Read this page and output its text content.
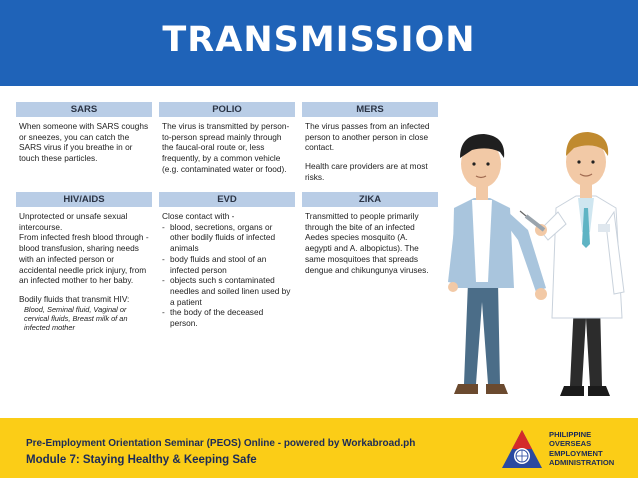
TRANSMISSION
SARS

When someone with SARS coughs or sneezes, you can catch the SARS virus if you breathe in or touch these particles.

POLIO

The virus is transmitted by person-to-person spread mainly through the faucal-oral route or, less frequently, by a common vehicle (e.g. contaminated water or food).

MERS

The virus passes from an infected person to another person in close contact.

Health care providers are at most risks.

HIV/AIDS

Unprotected or unsafe sexual intercourse.

From infected fresh blood through - blood transfusion, sharing needs with an infected person or accidental needle prick injury, from an infected mother to her baby.

Bodily fluids that transmit HIV:

Blood, Seminal fluid, Vaginal or cervical fluids, Breast milk of an infected mother

EVD

Close contact with -

- blood, secretions, organs or other bodily fluids of infected animals
- body fluids and stool of an infected person
- objects such s contaminated needles and soiled linen used by a patient
- the body of the deceased person.
ZIKA

Transmitted to people primarily through the bite of an infected Aedes species mosquito (A. aegypti and A. albopictus). The same mosquitoes that spreads dengue and chikungunya viruses.

Pre-Employment Orientation Seminar (PEOS) Online - powered by Workabroad.ph
Module 7: Staying Healthy & Keeping Safe
PHILIPPINE
OVERSEAS
EMPLOYMENT
ADMINISTRATION
